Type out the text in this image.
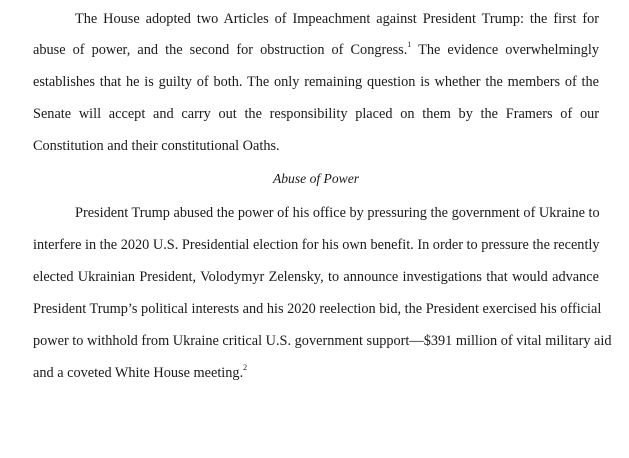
The House adopted two Articles of Impeachment against President Trump: the first for
abuse of power, and the second for obstruction of Congress.$^1$ The evidence overwhelmingly
establishes that he is guilty of both. The only remaining question is whether the members of the
Senate will accept and carry out the responsibility placed on them by the Framers of our
Constitution and their constitutional Oaths.
Abuse of Power
President Trump abused the power of his office by pressuring the government of Ukraine to
interfere in the 2020 U.S. Presidential election for his own benefit. In order to pressure the recently
elected Ukrainian President, Volodymyr Zelensky, to announce investigations that would advance
President Trump’s political interests and his 2020 reelection bid, the President exercised his official
power to withhold from Ukraine critical U.S. government support—$391 million of vital military aid
and a coveted White House meeting.$^2$
